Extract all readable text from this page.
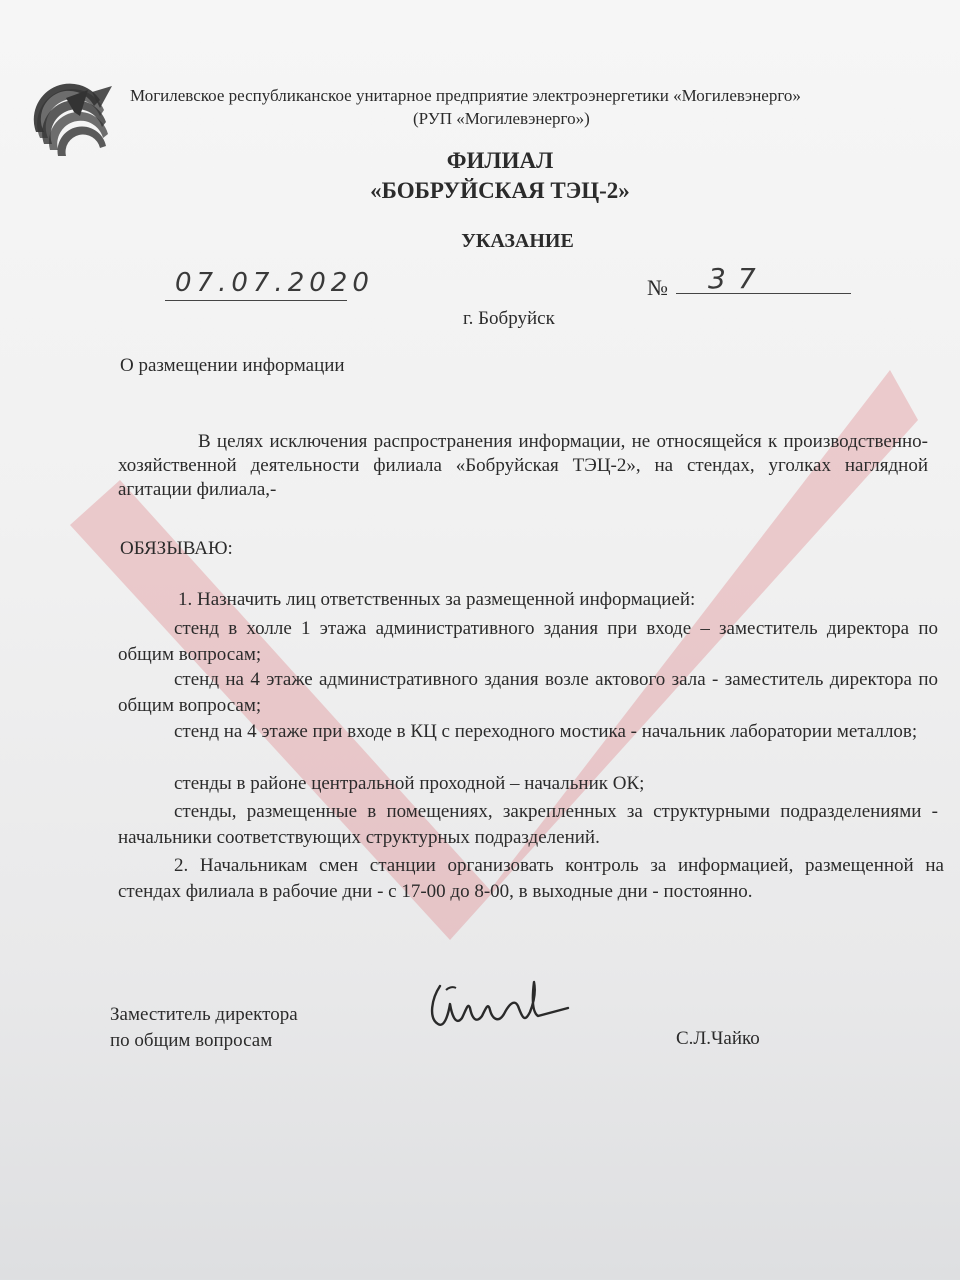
Могилевское республиканское унитарное предприятие электроэнергетики «Могилевэнерго»
(РУП «Могилевэнерго»)
ФИЛИАЛ
«БОБРУЙСКАЯ ТЭЦ-2»
УКАЗАНИЕ
07.07.2020	№ 37
г. Бобруйск
О размещении информации
В целях исключения распространения информации, не относящейся к производственно-хозяйственной деятельности филиала «Бобруйская ТЭЦ-2», на стендах, уголках наглядной агитации филиала,-
ОБЯЗЫВАЮ:
1. Назначить лиц ответственных за размещенной информацией:
стенд в холле 1 этажа административного здания при входе – заместитель директора по общим вопросам;
стенд на 4 этаже административного здания возле актового зала - заместитель директора по общим вопросам;
стенд на 4 этаже при входе в КЦ с переходного мостика - начальник лаборатории металлов;
стенды в районе центральной проходной – начальник ОК;
стенды, размещенные в помещениях, закрепленных за структурными подразделениями - начальники соответствующих структурных подразделений.
2. Начальникам смен станции организовать контроль за информацией, размещенной на стендах филиала в рабочие дни - с 17-00 до 8-00, в выходные дни - постоянно.
Заместитель директора
по общим вопросам	С.Л.Чайко
